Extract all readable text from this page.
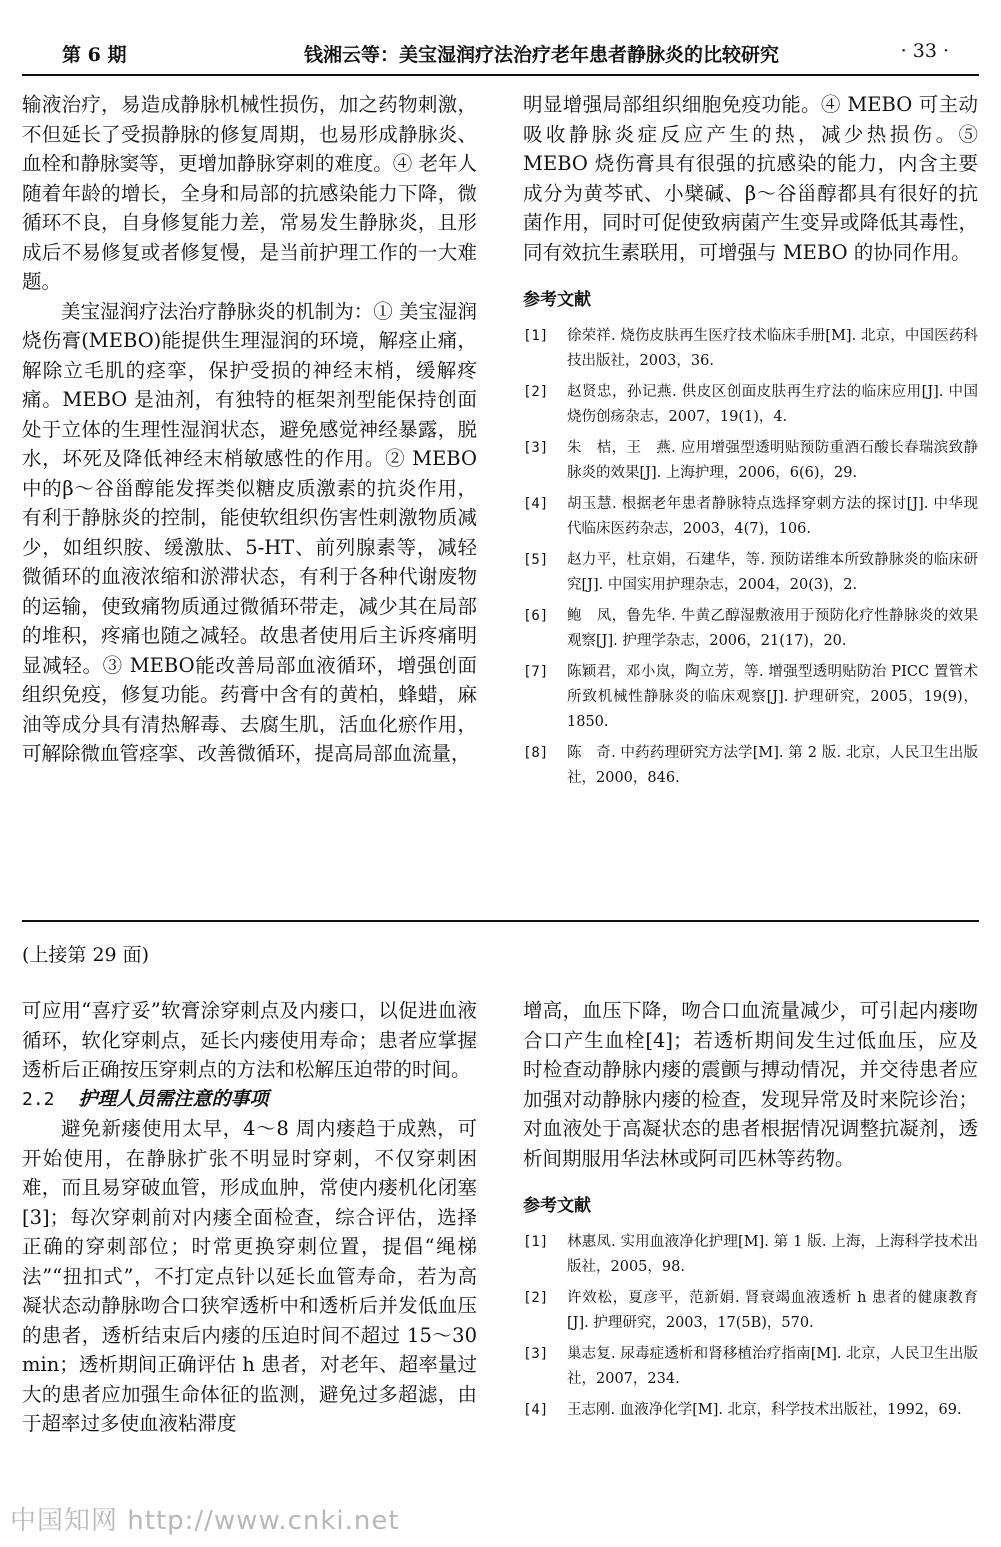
第 6 期	钱湘云等：美宝湿润疗法治疗老年患者静脉炎的比较研究	· 33 ·

输液治疗，易造成静脉机械性损伤，加之药物刺激，不但延长了受损静脉的修复周期，也易形成静脉炎、血栓和静脉窦等，更增加静脉穿刺的难度。④ 老年人随着年龄的增长，全身和局部的抗感染能力下降，微循环不良，自身修复能力差，常易发生静脉炎，且形成后不易修复或者修复慢，是当前护理工作的一大难题。

美宝湿润疗法治疗静脉炎的机制为：① 美宝湿润烧伤膏(MEBO)能提供生理湿润的环境，解痉止痛，解除立毛肌的痉挛，保护受损的神经末梢，缓解疼痛。MEBO 是油剂，有独特的框架剂型能保持创面处于立体的生理性湿润状态，避免感觉神经暴露，脱水，坏死及降低神经末梢敏感性的作用。② MEBO 中的β～谷甾醇能发挥类似糖皮质激素的抗炎作用，有利于静脉炎的控制，能使软组织伤害性刺激物质减少，如组织胺、缓激肽、5-HT、前列腺素等，减轻微循环的血液浓缩和淤滞状态，有利于各种代谢废物的运输，使致痛物质通过微循环带走，减少其在局部的堆积，疼痛也随之减轻。故患者使用后主诉疼痛明显减轻。③ MEBO能改善局部血液循环，增强创面组织免疫，修复功能。药膏中含有的黄柏，蜂蜡，麻油等成分具有清热解毒、去腐生肌，活血化瘀作用，可解除微血管痉挛、改善微循环，提高局部血流量，

明显增强局部组织细胞免疫功能。④ MEBO 可主动吸收静脉炎症反应产生的热，减少热损伤。⑤ MEBO 烧伤膏具有很强的抗感染的能力，内含主要成分为黄芩甙、小檗碱、β～谷甾醇都具有很好的抗菌作用，同时可促使致病菌产生变异或降低其毒性，同有效抗生素联用，可增强与 MEBO 的协同作用。

参考文献
[1] 徐荣祥. 烧伤皮肤再生医疗技术临床手册[M]. 北京，中国医药科技出版社，2003，36.
[2] 赵贤忠，孙记燕. 供皮区创面皮肤再生疗法的临床应用[J]. 中国烧伤创疡杂志，2007，19(1)，4.
[3] 朱　桔，王　燕. 应用增强型透明贴预防重酒石酸长春瑞滨致静脉炎的效果[J]. 上海护理，2006，6(6)，29.
[4] 胡玉慧. 根据老年患者静脉特点选择穿刺方法的探讨[J]. 中华现代临床医药杂志，2003，4(7)，106.
[5] 赵力平，杜京娟，石建华，等. 预防诺维本所致静脉炎的临床研究[J]. 中国实用护理杂志，2004，20(3)，2.
[6] 鲍　凤，鲁先华. 牛黄乙醇湿敷液用于预防化疗性静脉炎的效果观察[J]. 护理学杂志，2006，21(17)，20.
[7] 陈颖君，邓小岚，陶立芳，等. 增强型透明贴防治 PICC 置管术所致机械性静脉炎的临床观察[J]. 护理研究，2005，19(9)，1850.
[8] 陈　奇. 中药药理研究方法学[M]. 第 2 版. 北京，人民卫生出版社，2000，846.
(上接第 29 面)

可应用“喜疗妥”软膏涂穿刺点及内瘘口，以促进血液循环，软化穿刺点，延长内瘘使用寿命；患者应掌握透析后正确按压穿刺点的方法和松解压迫带的时间。

2.2 护理人员需注意的事项

避免新瘘使用太早，4～8 周内瘘趋于成熟，可开始使用，在静脉扩张不明显时穿刺，不仅穿刺困难，而且易穿破血管，形成血肿，常使内瘘机化闭塞[3]；每次穿刺前对内瘘全面检查，综合评估，选择正确的穿刺部位；时常更换穿刺位置，提倡“绳梯法”“扭扣式”，不打定点针以延长血管寿命，若为高凝状态动静脉吻合口狭窄透析中和透析后并发低血压的患者，透析结束后内瘘的压迫时间不超过 15～30 min；透析期间正确评估 h 患者，对老年、超率量过大的患者应加强生命体征的监测，避免过多超滤，由于超率过多使血液粘滞度

增高，血压下降，吻合口血流量减少，可引起内瘘吻合口产生血栓[4]；若透析期间发生过低血压，应及时检查动静脉内瘘的震颤与搏动情况，并交待患者应加强对动静脉内瘘的检查，发现异常及时来院诊治；对血液处于高凝状态的患者根据情况调整抗凝剂，透析间期服用华法林或阿司匹林等药物。

参考文献
[1] 林惠凤. 实用血液净化护理[M]. 第 1 版. 上海，上海科学技术出版社，2005，98.
[2] 许效松，夏彦平，范新娟. 肾衰竭血液透析 h 患者的健康教育[J]. 护理研究，2003，17(5B)，570.
[3] 巢志复. 尿毒症透析和肾移植治疗指南[M]. 北京，人民卫生出版社，2007，234.
[4] 王志刚. 血液净化学[M]. 北京，科学技术出版社，1992，69.
中国知网 http://www.cnki.net
